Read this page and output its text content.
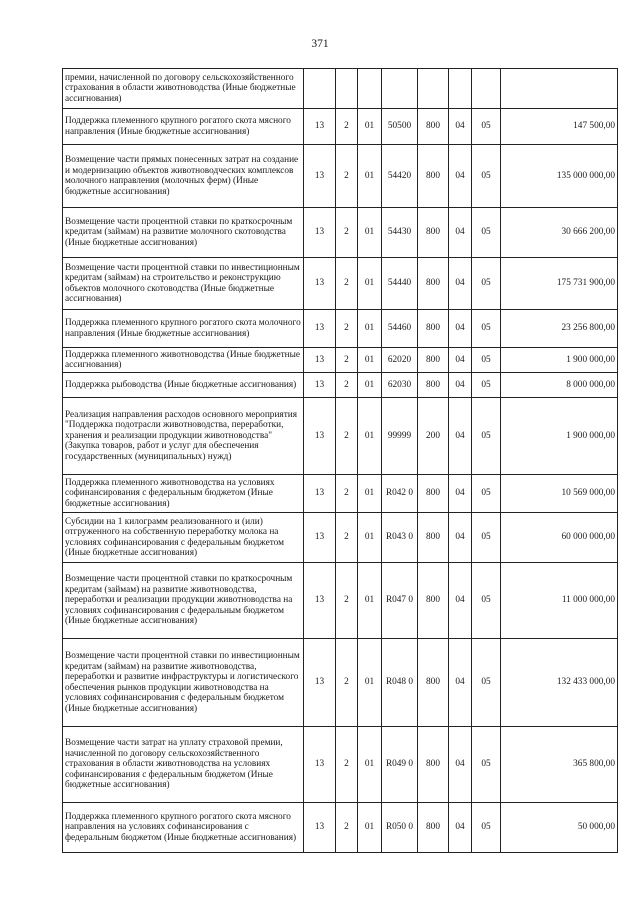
371
премии, начисленной по договору сельскохозяйственного страхования в области животноводства (Иные бюджетные ассигнования)								
Поддержка племенного крупного рогатого скота мясного направления (Иные бюджетные ассигнования)	13	2	01	50500	800	04	05	147 500,00
Возмещение части прямых понесенных затрат на создание и модернизацию объектов животноводческих комплексов молочного направления (молочных ферм) (Иные бюджетные ассигнования)	13	2	01	54420	800	04	05	135 000 000,00
Возмещение части процентной ставки по краткосрочным кредитам (займам) на развитие молочного скотоводства (Иные бюджетные ассигнования)	13	2	01	54430	800	04	05	30 666 200,00
Возмещение части процентной ставки по инвестиционным кредитам (займам) на строительство и реконструкцию объектов молочного скотоводства (Иные бюджетные ассигнования)	13	2	01	54440	800	04	05	175 731 900,00
Поддержка племенного крупного рогатого скота молочного направления (Иные бюджетные ассигнования)	13	2	01	54460	800	04	05	23 256 800,00
Поддержка племенного животноводства (Иные бюджетные ассигнования)	13	2	01	62020	800	04	05	1 900 000,00
Поддержка рыбоводства (Иные бюджетные ассигнования)	13	2	01	62030	800	04	05	8 000 000,00
Реализация направления расходов основного мероприятия "Поддержка подотрасли животноводства, переработки, хранения и реализации продукции животноводства" (Закупка товаров, работ и услуг для обеспечения государственных (муниципальных) нужд)	13	2	01	99999	200	04	05	1 900 000,00
Поддержка племенного животноводства на условиях софинансирования с федеральным бюджетом (Иные бюджетные ассигнования)	13	2	01	R042 0	800	04	05	10 569 000,00
Субсидии на 1 килограмм реализованного и (или) отгруженного на собственную переработку молока на условиях софинансирования с федеральным бюджетом (Иные бюджетные ассигнования)	13	2	01	R043 0	800	04	05	60 000 000,00
Возмещение части процентной ставки по краткосрочным кредитам (займам) на развитие животноводства, переработки и реализации продукции животноводства на условиях софинансирования с федеральным бюджетом (Иные бюджетные ассигнования)	13	2	01	R047 0	800	04	05	11 000 000,00
Возмещение части процентной ставки по инвестиционным кредитам (займам) на развитие животноводства, переработки и развитие инфраструктуры и логистического обеспечения рынков продукции животноводства на условиях софинансирования с федеральным бюджетом (Иные бюджетные ассигнования)	13	2	01	R048 0	800	04	05	132 433 000,00
Возмещение части затрат на уплату страховой премии, начисленной по договору сельскохозяйственного страхования в области животноводства на условиях софинансирования с федеральным бюджетом (Иные бюджетные ассигнования)	13	2	01	R049 0	800	04	05	365 800,00
Поддержка племенного крупного рогатого скота мясного направления на условиях софинансирования с федеральным бюджетом (Иные бюджетные ассигнования)	13	2	01	R050 0	800	04	05	50 000,00
